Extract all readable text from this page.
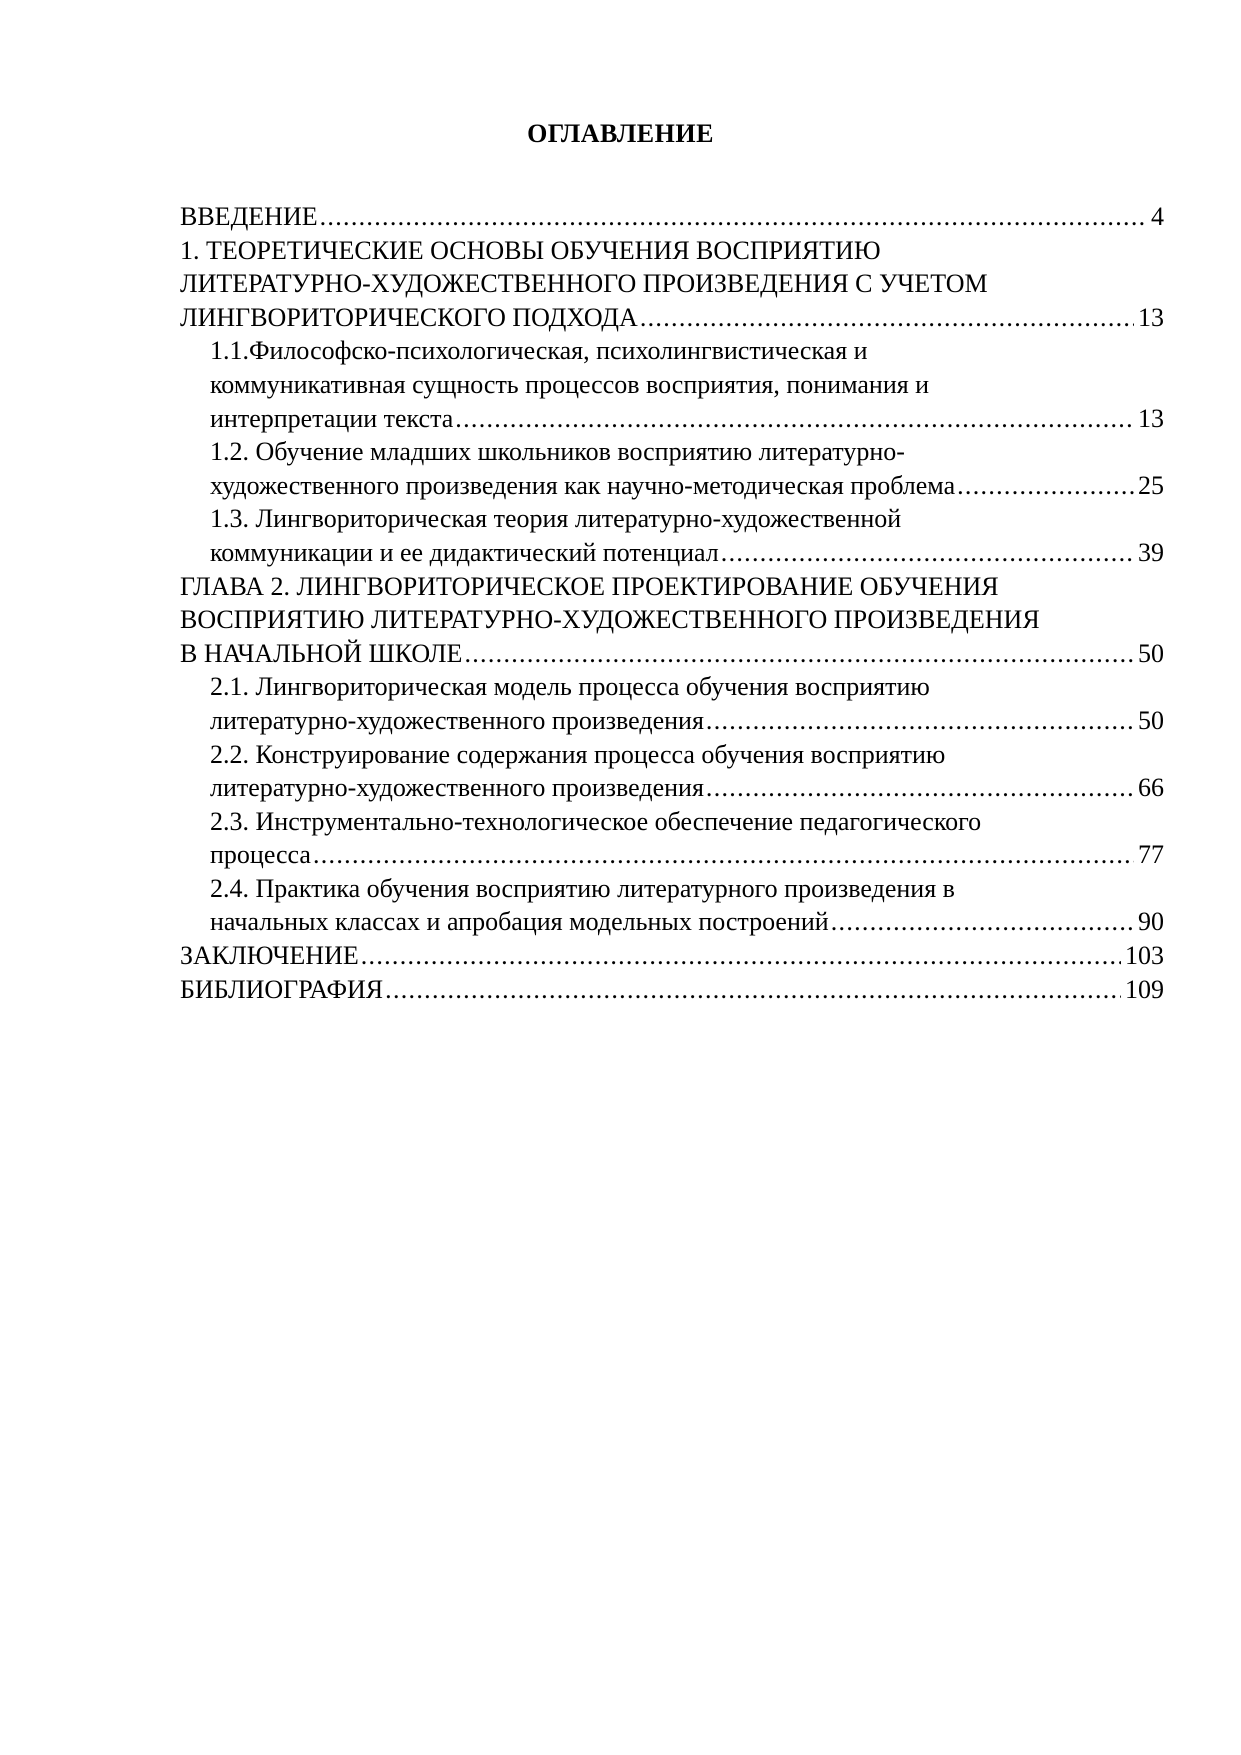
ОГЛАВЛЕНИЕ
ВВЕДЕНИЕ . . .	4
1. ТЕОРЕТИЧЕСКИЕ ОСНОВЫ ОБУЧЕНИЯ ВОСПРИЯТИЮ
ЛИТЕРАТУРНО-ХУДОЖЕСТВЕННОГО ПРОИЗВЕДЕНИЯ С УЧЕТОМ
ЛИНГВОРИТОРИЧЕСКОГО ПОДХОДА . . .	13
1.1.Философско-психологическая, психолингвистическая и
коммуникативная сущность процессов восприятия, понимания и
интерпретации текста . . .	13
1.2. Обучение младших школьников восприятию литературно-
художественного произведения как научно-методическая проблема . . .	25
1.3. Лингвориторическая теория литературно-художественной
коммуникации и ее дидактический потенциал . . .	39
ГЛАВА 2. ЛИНГВОРИТОРИЧЕСКОЕ ПРОЕКТИРОВАНИЕ ОБУЧЕНИЯ
ВОСПРИЯТИЮ ЛИТЕРАТУРНО-ХУДОЖЕСТВЕННОГО ПРОИЗВЕДЕНИЯ
В НАЧАЛЬНОЙ ШКОЛЕ . . .	50
2.1. Лингвориторическая модель процесса обучения восприятию
литературно-художественного произведения . . .	50
2.2. Конструирование содержания процесса обучения восприятию
литературно-художественного произведения . . .	66
2.3. Инструментально-технологическое обеспечение педагогического
процесса . . .	77
2.4. Практика обучения восприятию литературного произведения в
начальных классах и апробация модельных построений . . .	90
ЗАКЛЮЧЕНИЕ . . .	103
БИБЛИОГРАФИЯ . . .	109
